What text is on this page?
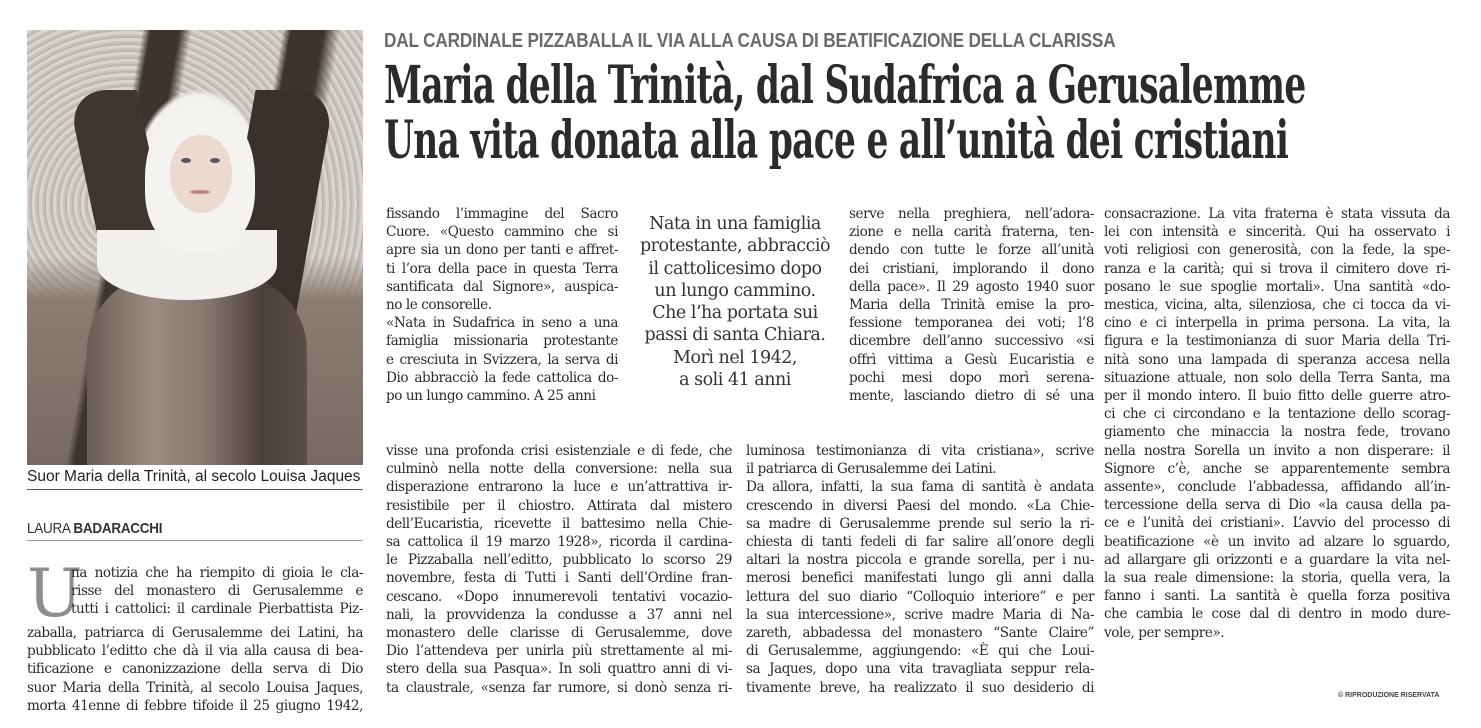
Suor Maria della Trinità, al secolo Louisa Jaques
LAURA BADARACCHI
DAL CARDINALE PIZZABALLA IL VIA ALLA CAUSA DI BEATIFICAZIONE DELLA CLARISSA
Maria della Trinità, dal Sudafrica a Gerusalemme
Una vita donata alla pace e all’unità dei cristiani
U
na notizia che ha riempito di gioia le cla-
risse del monastero di Gerusalemme e
tutti i cattolici: il cardinale Pierbattista Piz-
zaballa, patriarca di Gerusalemme dei Latini, ha
pubblicato l’editto che dà il via alla causa di bea-
tificazione e canonizzazione della serva di Dio
suor Maria della Trinità, al secolo Louisa Jaques,
morta 41enne di febbre tifoide il 25 giugno 1942,
fissando l’immagine del Sacro
Cuore. «Questo cammino che si
apre sia un dono per tanti e affret-
ti l’ora della pace in questa Terra
santificata dal Signore», auspica-
no le consorelle.
«Nata in Sudafrica in seno a una
famiglia missionaria protestante
e cresciuta in Svizzera, la serva di
Dio abbracciò la fede cattolica do-
po un lungo cammino. A 25 anni
Nata in una famiglia
protestante, abbracciò
il cattolicesimo dopo
un lungo cammino.
Che l’ha portata sui
passi di santa Chiara.
Morì nel 1942,
a soli 41 anni
visse una profonda crisi esistenziale e di fede, che
culminò nella notte della conversione: nella sua
disperazione entrarono la luce e un’attrattiva ir-
resistibile per il chiostro. Attirata dal mistero
dell’Eucaristia, ricevette il battesimo nella Chie-
sa cattolica il 19 marzo 1928», ricorda il cardina-
le Pizzaballa nell’editto, pubblicato lo scorso 29
novembre, festa di Tutti i Santi dell’Ordine fran-
cescano. «Dopo innumerevoli tentativi vocazio-
nali, la provvidenza la condusse a 37 anni nel
monastero delle clarisse di Gerusalemme, dove
Dio l’attendeva per unirla più strettamente al mi-
stero della sua Pasqua». In soli quattro anni di vi-
ta claustrale, «senza far rumore, si donò senza ri-
serve nella preghiera, nell’adora-
zione e nella carità fraterna, ten-
dendo con tutte le forze all’unità
dei cristiani, implorando il dono
della pace». Il 29 agosto 1940 suor
Maria della Trinità emise la pro-
fessione temporanea dei voti; l’8
dicembre dell’anno successivo «si
offrì vittima a Gesù Eucaristia e
pochi mesi dopo morì serena-
mente, lasciando dietro di sé una
luminosa testimonianza di vita cristiana», scrive
il patriarca di Gerusalemme dei Latini.
Da allora, infatti, la sua fama di santità è andata
crescendo in diversi Paesi del mondo. «La Chie-
sa madre di Gerusalemme prende sul serio la ri-
chiesta di tanti fedeli di far salire all’onore degli
altari la nostra piccola e grande sorella, per i nu-
merosi benefici manifestati lungo gli anni dalla
lettura del suo diario “Colloquio interiore” e per
la sua intercessione», scrive madre Maria di Na-
zareth, abbadessa del monastero “Sante Claire”
di Gerusalemme, aggiungendo: «È qui che Loui-
sa Jaques, dopo una vita travagliata seppur rela-
tivamente breve, ha realizzato il suo desiderio di
consacrazione. La vita fraterna è stata vissuta da
lei con intensità e sincerità. Qui ha osservato i
voti religiosi con generosità, con la fede, la spe-
ranza e la carità; qui si trova il cimitero dove ri-
posano le sue spoglie mortali». Una santità «do-
mestica, vicina, alta, silenziosa, che ci tocca da vi-
cino e ci interpella in prima persona. La vita, la
figura e la testimonianza di suor Maria della Tri-
nità sono una lampada di speranza accesa nella
situazione attuale, non solo della Terra Santa, ma
per il mondo intero. Il buio fitto delle guerre atro-
ci che ci circondano e la tentazione dello scorag-
giamento che minaccia la nostra fede, trovano
nella nostra Sorella un invito a non disperare: il
Signore c’è, anche se apparentemente sembra
assente», conclude l’abbadessa, affidando all’in-
tercessione della serva di Dio «la causa della pa-
ce e l’unità dei cristiani». L’avvio del processo di
beatificazione «è un invito ad alzare lo sguardo,
ad allargare gli orizzonti e a guardare la vita nel-
la sua reale dimensione: la storia, quella vera, la
fanno i santi. La santità è quella forza positiva
che cambia le cose dal di dentro in modo dure-
vole, per sempre».
© RIPRODUZIONE RISERVATA
